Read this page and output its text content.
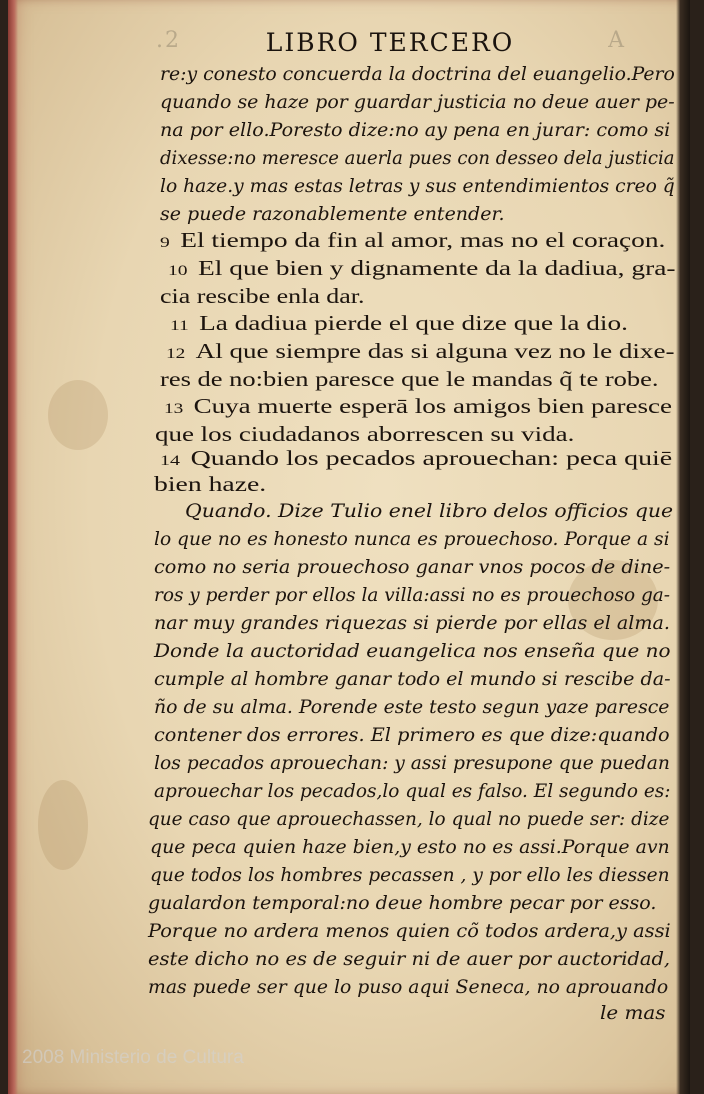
.2	LIBRO TERCERO	A
re:y conesto concuerda la doctrina del euangelio.Pero
quando se haze por guardar justicia no deue auer pe-
na por ello.Poresto dize:no ay pena en jurar: como si
dixesse:no meresce auerla pues con desseo dela justicia
lo haze.y mas estas letras y sus entendimientos creo q̃
se puede razonablemente entender.
9 El tiempo da fin al amor, mas no el coraçon.
10 El que bien y dignamente da la dadiua, gra-
cia rescibe enla dar.
11 La dadiua pierde el que dize que la dio.
12 Al que siempre das si alguna vez no le dixe-
res de no:bien paresce que le mandas q̃ te robe.
13 Cuya muerte esperā los amigos bien paresce
que los ciudadanos aborrescen su vida.
14 Quando los pecados aprouechan: peca quiē
bien haze.
Quando. Dize Tulio enel libro delos officios que
lo que no es honesto nunca es prouechoso. Porque a si
como no seria prouechoso ganar vnos pocos de dine-
ros y perder por ellos la villa:assi no es prouechoso ga-
nar muy grandes riquezas si pierde por ellas el alma.
Donde la auctoridad euangelica nos enseña que no
cumple al hombre ganar todo el mundo si rescibe da-
ño de su alma. Porende este testo segun yaze paresce
contener dos errores. El primero es que dize:quando
los pecados aprouechan: y assi presupone que puedan
aprouechar los pecados,lo qual es falso. El segundo es:
que caso que aprouechassen, lo qual no puede ser: dize
que peca quien haze bien,y esto no es assi.Porque avn
que todos los hombres pecassen , y por ello les diessen
gualardon temporal:no deue hombre pecar por esso.
Porque no ardera menos quien cõ todos ardera,y assi
este dicho no es de seguir ni de auer por auctoridad,
mas puede ser que lo puso aqui Seneca, no aprouando
le mas
2008 Ministerio de Cultura
